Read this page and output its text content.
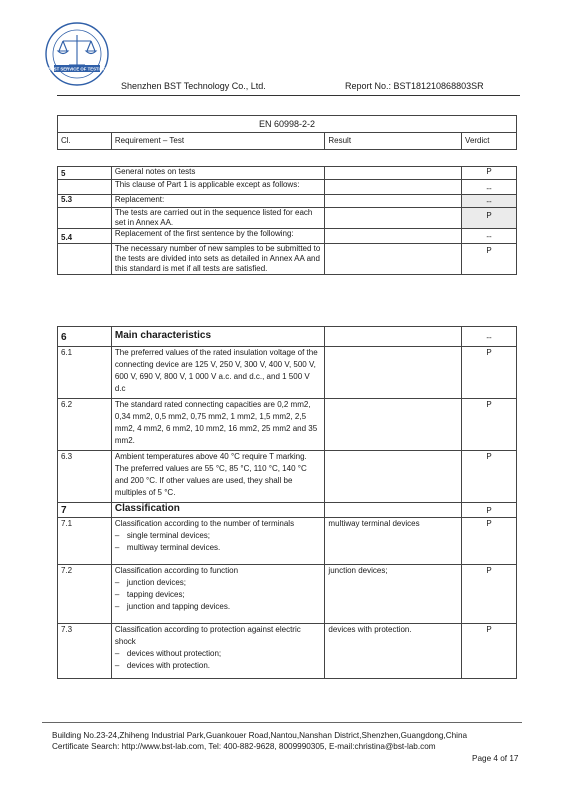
BEST SERVICE OF TESTING
Shenzhen BST Technology Co., Ltd.	Report No.: BST181210868803SR
EN 60998-2-2
Cl.	Requirement – Test	Result	Verdict
5	General notes on tests		P
	This clause of Part 1 is applicable except as follows:		--
5.3	Replacement:		--
	The tests are carried out in the sequence listed for each set in Annex AA.		P
5.4	Replacement of the first sentence by the following:		--
	The necessary number of new samples to be submitted to the tests are divided into sets as detailed in Annex AA and this standard is met if all tests are satisfied.		P
6	Main characteristics		--
6.1	The preferred values of the rated insulation voltage of the connecting device are 125 V, 250 V, 300 V, 400 V, 500 V, 600 V, 690 V, 800 V, 1 000 V a.c. and d.c., and 1 500 V d.c		P
6.2	The standard rated connecting capacities are 0,2 mm2, 0,34 mm2, 0,5 mm2, 0,75 mm2, 1 mm2, 1,5 mm2, 2,5 mm2, 4 mm2, 6 mm2, 10 mm2, 16 mm2, 25 mm2 and 35 mm2.		P
6.3	Ambient temperatures above 40 °C require T marking.
The preferred values are 55 °C, 85 °C, 110 °C, 140 °C and 200 °C. If other values are used, they shall be multiples of 5 °C.		P
7	Classification		P
7.1	Classification according to the number of terminals
– single terminal devices;
– multiway terminal devices.	multiway terminal devices	P
7.2	Classification according to function
– junction devices;
– tapping devices;
– junction and tapping devices.	junction devices;	P
7.3	Classification according to protection against electric shock
– devices without protection;
– devices with protection.	devices with protection.	P
Building No.23-24,Zhiheng Industrial Park,Guankouer Road,Nantou,Nanshan District,Shenzhen,Guangdong,China
Certificate Search: http://www.bst-lab.com, Tel: 400-882-9628, 8009990305, E-mail:christina@bst-lab.com
Page 4 of 17
